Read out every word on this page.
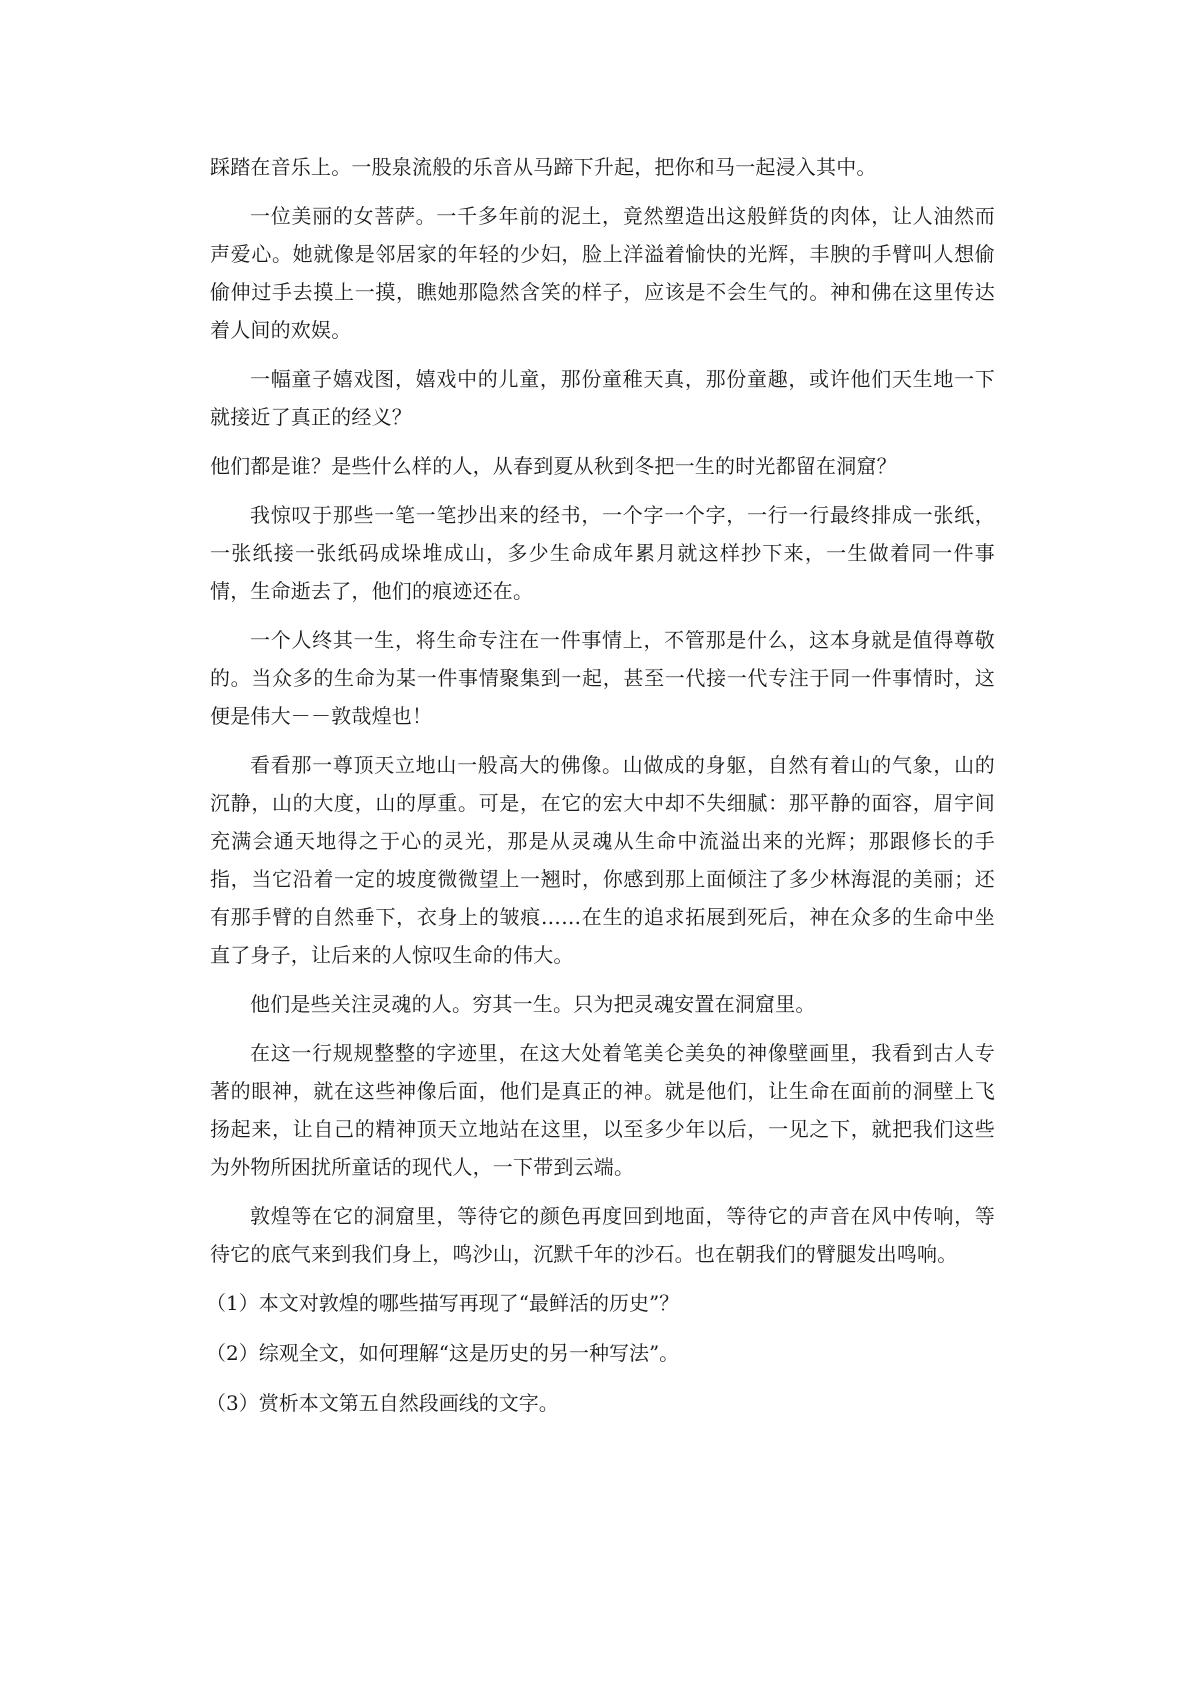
踩踏在音乐上。一股泉流般的乐音从马蹄下升起，把你和马一起浸入其中。

一位美丽的女菩萨。一千多年前的泥土，竟然塑造出这般鲜货的肉体，让人油然而声爱心。她就像是邻居家的年轻的少妇，脸上洋溢着愉快的光辉，丰腴的手臂叫人想偷偷伸过手去摸上一摸，瞧她那隐然含笑的样子，应该是不会生气的。神和佛在这里传达着人间的欢娱。

一幅童子嬉戏图，嬉戏中的儿童，那份童稚天真，那份童趣，或许他们天生地一下就接近了真正的经义？

他们都是谁？是些什么样的人，从春到夏从秋到冬把一生的时光都留在洞窟？

我惊叹于那些一笔一笔抄出来的经书，一个字一个字，一行一行最终排成一张纸，一张纸接一张纸码成垛堆成山，多少生命成年累月就这样抄下来，一生做着同一件事情，生命逝去了，他们的痕迹还在。

一个人终其一生，将生命专注在一件事情上，不管那是什么，这本身就是值得尊敬的。当众多的生命为某一件事情聚集到一起，甚至一代接一代专注于同一件事情时，这便是伟大－－敦哉煌也！

看看那一尊顶天立地山一般高大的佛像。山做成的身躯，自然有着山的气象，山的沉静，山的大度，山的厚重。可是，在它的宏大中却不失细腻：那平静的面容，眉宇间充满会通天地得之于心的灵光，那是从灵魂从生命中流溢出来的光辉；那跟修长的手指，当它沿着一定的坡度微微望上一翘时，你感到那上面倾注了多少林海混的美丽；还有那手臂的自然垂下，衣身上的皱痕……在生的追求拓展到死后，神在众多的生命中坐直了身子，让后来的人惊叹生命的伟大。

他们是些关注灵魂的人。穷其一生。只为把灵魂安置在洞窟里。

在这一行规规整整的字迹里，在这大处着笔美仑美奂的神像壁画里，我看到古人专著的眼神，就在这些神像后面，他们是真正的神。就是他们，让生命在面前的洞壁上飞扬起来，让自己的精神顶天立地站在这里，以至多少年以后，一见之下，就把我们这些为外物所困扰所童话的现代人，一下带到云端。

敦煌等在它的洞窟里，等待它的颜色再度回到地面，等待它的声音在风中传响，等待它的底气来到我们身上，鸣沙山，沉默千年的沙石。也在朝我们的臂腿发出鸣响。

（1）本文对敦煌的哪些描写再现了“最鲜活的历史”？

（2）综观全文，如何理解“这是历史的另一种写法”。

（3）赏析本文第五自然段画线的文字。
